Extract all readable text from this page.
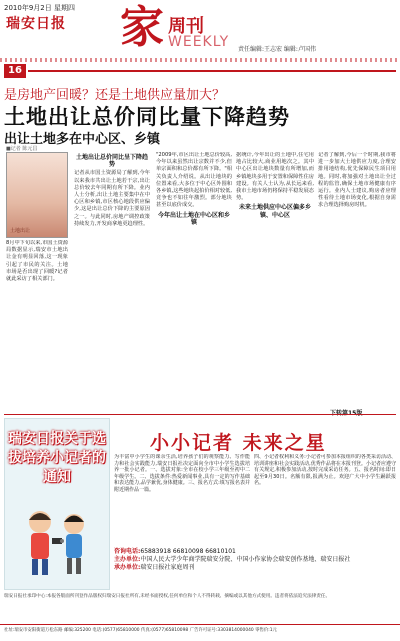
2010年9月2日 星期四
瑞安日报 家 周刊
WEEKLY 责任编辑:王志宏 编辑:卢国伟
16
是房地产回暖？还是土地供应量加大？
土地出让总价同比量下降趋势
出让土地多在中心区、乡镇
■记者 陈元昌
土地出让
8月中下旬以来,市国土资源局数据显示,瑞安市土地出让金有明显回落,这一现象引起了市民的关注。土地市场是否出现了回暖?记者就此采访了相关部门。
土地出让总价同比呈下降趋势
记者从市国土资源局了解到,今年以来我市共出让土地若干宗,出让总价较去年同期有所下降。业内人士分析,出让土地主要集中在中心区和乡镇,市区核心地段供应偏少,这是出让总价下降的主要原因之一。与此同时,房地产调控政策持续发力,开发商拿地更趋理性。
"2009年,市区出让土地总价较高,今年以来虽然出让宗数并不少,但单宗面积和总价都有所下降。"相关负责人介绍说。从出让地块的位置来看,大多位于中心区外围和各乡镇,这些地块起拍价相对较低,竞争也不如往年激烈。部分地块甚至以底价成交。
今年出让土地在中心区和乡镇
据统计,今年出让的土地中,住宅用地占比较大,商业用地次之。其中中心区出让地块数量有所增加,而乡镇地块多用于安置和保障性住房建设。有关人士认为,从长远来看,我市土地市场仍将保持平稳发展态势。
未来土地供应中心区偏多乡镇、中心区
记者了解到,今后一个时期,我市将进一步加大土地供应力度,合理安排用地结构,优先保障民生项目用地。同时,将加强对土地出让全过程的监管,确保土地市场健康有序运行。业内人士建议,购房者应理性看待土地市场变化,根据自身需求合理选择购房时机。
瑞安日报关于选拔培养小记者的通知
小小记者 未来之星
为丰富中小学生的课余生活,培养孩子们的观察能力、写作能力和社会实践能力,瑞安日报社决定面向全市中小学生选拔培养一批小记者。一、选拔对象:全市在校小学三年级至初中二年级学生。二、选拔条件:热爱新闻事业,具有一定的写作基础和表达能力,品学兼优,身体健康。三、报名方式:填写报名表并附近期作品一篇。
四、小记者权利和义务:小记者可参加本报组织的各类采访活动、培训讲座和社会实践活动,优秀作品将在本报刊登。小记者应遵守有关规定,积极参加活动,按时完成采访任务。五、报名时间:即日起至9月30日。名额有限,报满为止。欢迎广大中小学生踊跃报名。
咨询电话:65883918 66810098 66810101
主办单位:中国人民大学少年商学院瑞安分院、中国小作家协会瑞安创作基地、瑞安日报社
承办单位:瑞安日报社家庭周刊
瑞安日报社承印中心:本报各版面所刊登作品版权归瑞安日报社所有,未经书面授权,任何单位和个人不得转载、摘编或以其他方式使用。违者将依法追究法律责任。
社址:瑞安市安阳街道万松东路 邮编:325200 电话:(0577)65810000 传真:(0577)65810098 广告许可证号:3303814000040 零售价:1元
